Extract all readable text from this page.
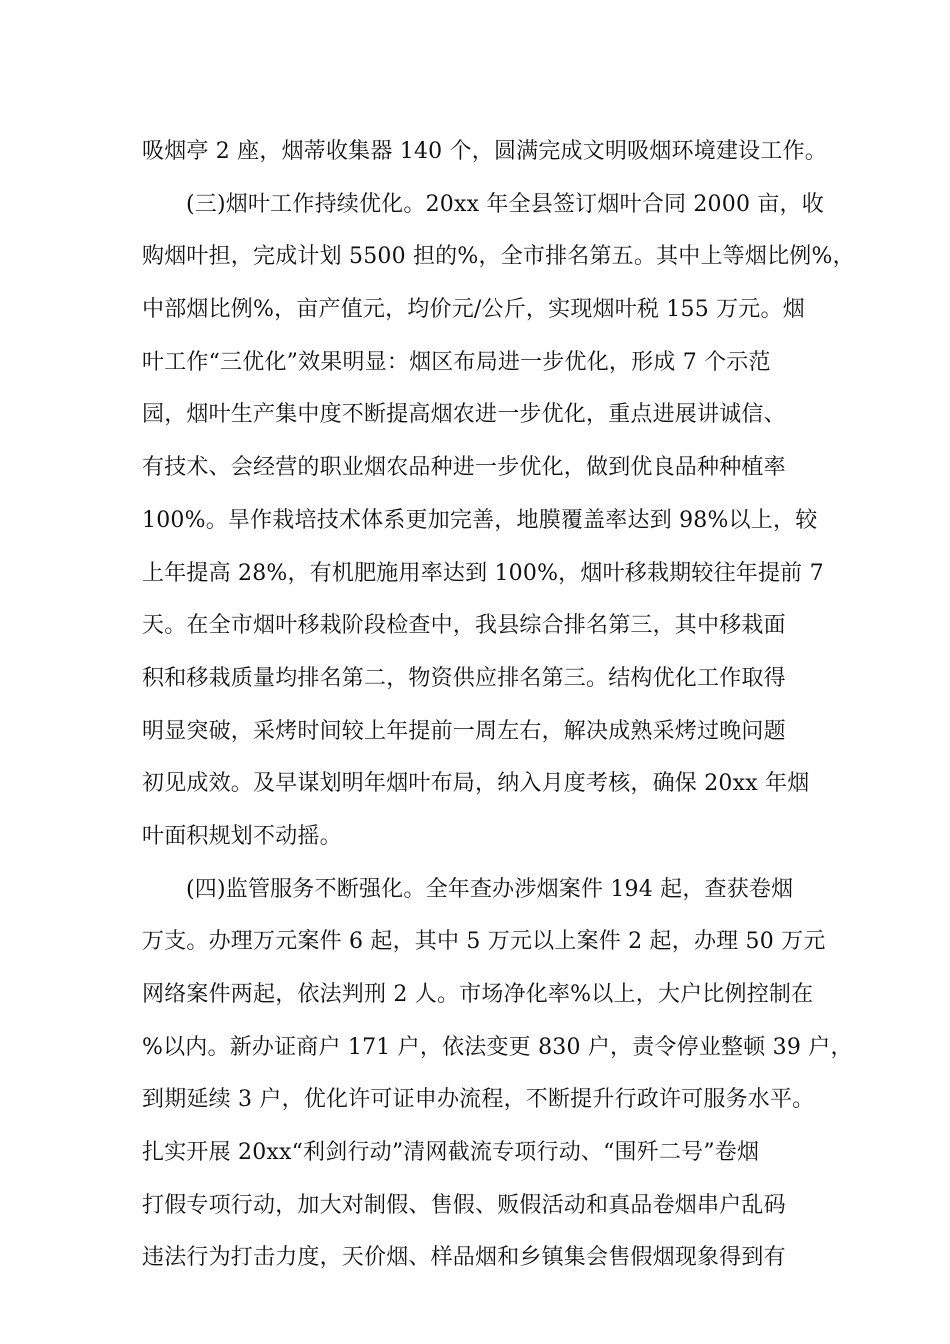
吸烟亭 2 座，烟蒂收集器 140 个，圆满完成文明吸烟环境建设工作。
(三)烟叶工作持续优化。20xx 年全县签订烟叶合同 2000 亩，收
购烟叶担，完成计划 5500 担的%，全市排名第五。其中上等烟比例%，
中部烟比例%，亩产值元，均价元/公斤，实现烟叶税 155 万元。烟
叶工作“三优化”效果明显：烟区布局进一步优化，形成 7 个示范
园，烟叶生产集中度不断提高烟农进一步优化，重点进展讲诚信、
有技术、会经营的职业烟农品种进一步优化，做到优良品种种植率
100%。旱作栽培技术体系更加完善，地膜覆盖率达到 98%以上，较
上年提高 28%，有机肥施用率达到 100%，烟叶移栽期较往年提前 7
天。在全市烟叶移栽阶段检查中，我县综合排名第三，其中移栽面
积和移栽质量均排名第二，物资供应排名第三。结构优化工作取得
明显突破，采烤时间较上年提前一周左右，解决成熟采烤过晚问题
初见成效。及早谋划明年烟叶布局，纳入月度考核，确保 20xx 年烟
叶面积规划不动摇。
(四)监管服务不断强化。全年查办涉烟案件 194 起，查获卷烟
万支。办理万元案件 6 起，其中 5 万元以上案件 2 起，办理 50 万元
网络案件两起，依法判刑 2 人。市场净化率%以上，大户比例控制在
%以内。新办证商户 171 户，依法变更 830 户，责令停业整顿 39 户，
到期延续 3 户，优化许可证申办流程，不断提升行政许可服务水平。
扎实开展 20xx“利剑行动”清网截流专项行动、“围歼二号”卷烟
打假专项行动，加大对制假、售假、贩假活动和真品卷烟串户乱码
违法行为打击力度，天价烟、样品烟和乡镇集会售假烟现象得到有
